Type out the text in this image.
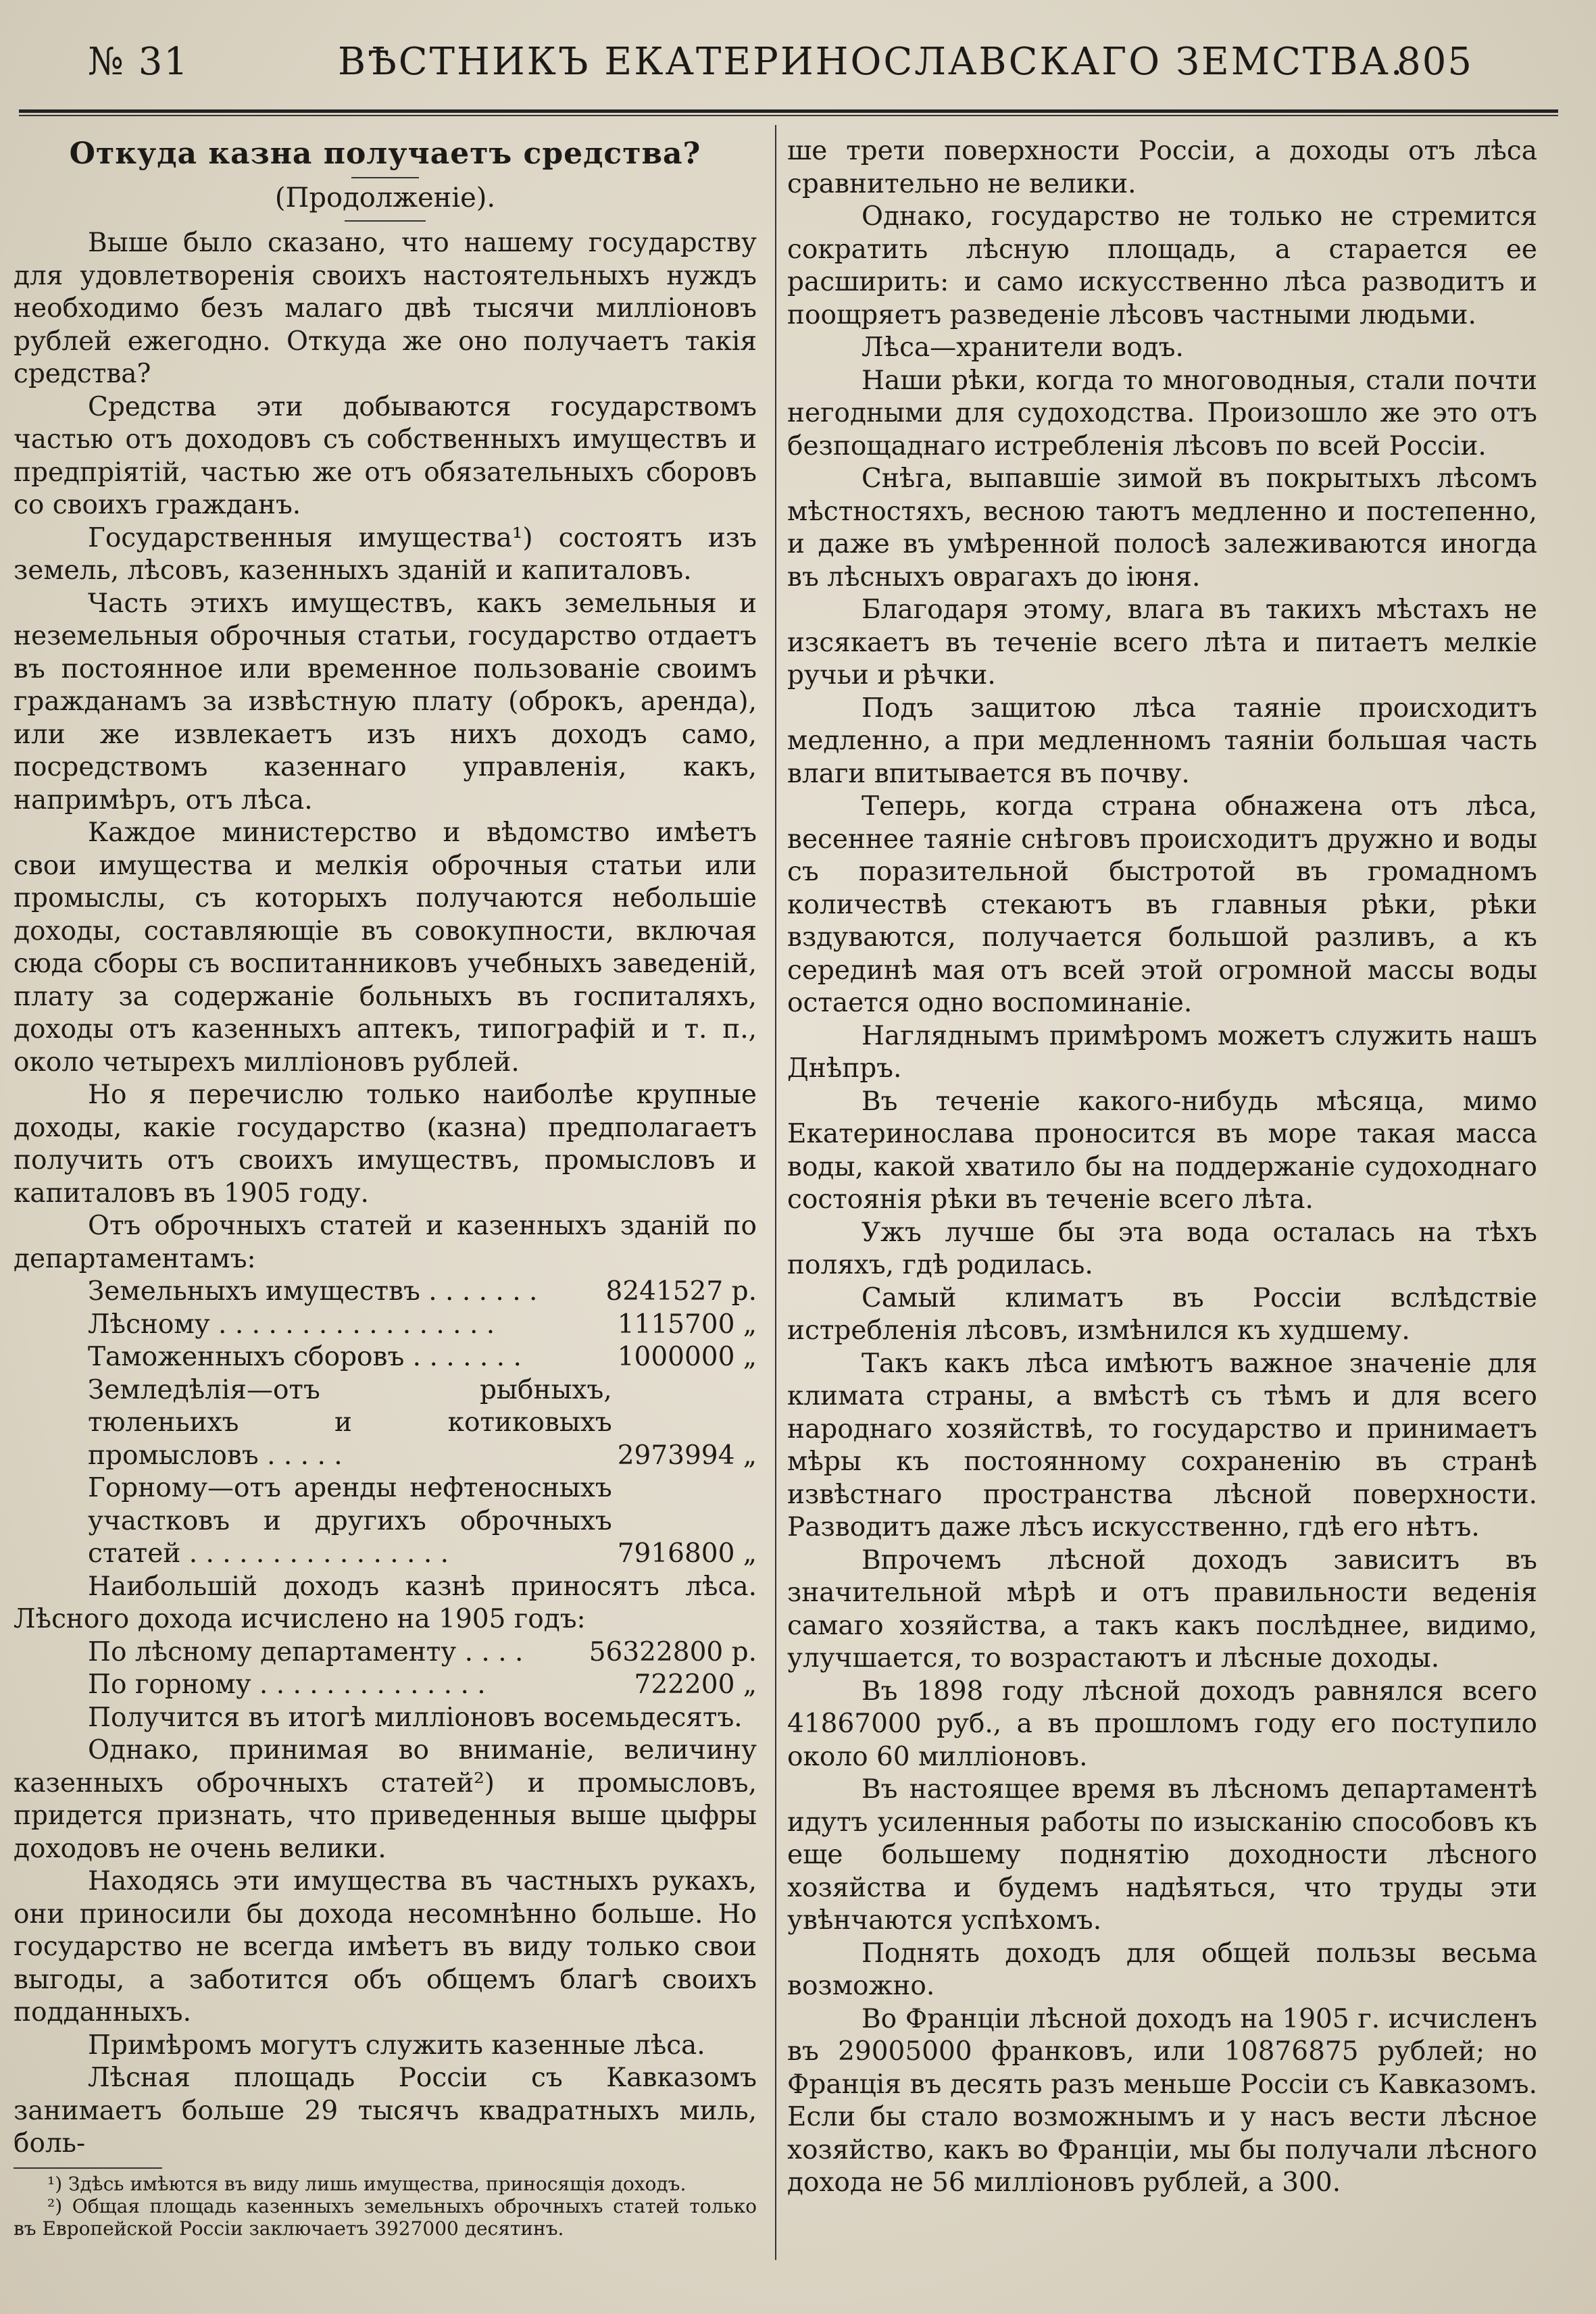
№ 31	ВѢСТНИКЪ ЕКАТЕРИНОСЛАВСКАГО ЗЕМСТВА.
805
Откуда казна получаетъ средства?
(Продолженіе).

Выше было сказано, что нашему государству для удовлетворенія своихъ настоятельныхъ нуждъ необходимо безъ малаго двѣ тысячи милліоновъ рублей ежегодно. Откуда же оно получаетъ такія средства?

Средства эти добываются государствомъ частью отъ доходовъ съ собственныхъ имуществъ и предпріятій, частью же отъ обязательныхъ сборовъ со своихъ гражданъ.

Государственныя имущества¹) состоятъ изъ земель, лѣсовъ, казенныхъ зданій и капиталовъ.

Часть этихъ имуществъ, какъ земельныя и неземельныя оброчныя статьи, государство отдаетъ въ постоянное или временное пользованіе своимъ гражданамъ за извѣстную плату (оброкъ, аренда), или же извлекаетъ изъ нихъ доходъ само, посредствомъ казеннаго управленія, какъ, напримѣръ, отъ лѣса.

Каждое министерство и вѣдомство имѣетъ свои имущества и мелкія оброчныя статьи или промыслы, съ которыхъ получаются небольшіе доходы, составляющіе въ совокупности, включая сюда сборы съ воспитанниковъ учебныхъ заведеній, плату за содержаніе больныхъ въ госпиталяхъ, доходы отъ казенныхъ аптекъ, типографій и т. п., около четырехъ милліоновъ рублей.

Но я перечислю только наиболѣе крупные доходы, какіе государство (казна) предполагаетъ получить отъ своихъ имуществъ, промысловъ и капиталовъ въ 1905 году.

Отъ оброчныхъ статей и казенныхъ зданій по департаментамъ:

Земельныхъ имуществъ . . . . . . .	8241527 р.
Лѣсному . . . . . . . . . . . . . . . . .	1115700 „
Таможенныхъ сборовъ . . . . . . .	1000000 „
Земледѣлія—отъ рыбныхъ, тюленьихъ и котиковыхъ промысловъ . . . . .	2973994 „
Горному—отъ аренды нефтеносныхъ участковъ и другихъ оброчныхъ статей . . . . . . . . . . . . . . . .	7916800 „

Наибольшій доходъ казнѣ приносятъ лѣса. Лѣсного дохода исчислено на 1905 годъ:

По лѣсному департаменту . . . .	56322800 р.
По горному . . . . . . . . . . . . . .	722200 „

Получится въ итогѣ милліоновъ восемьдесятъ.

Однако, принимая во вниманіе, величину казенныхъ оброчныхъ статей²) и промысловъ, придется признать, что приведенныя выше цыфры доходовъ не очень велики.

Находясь эти имущества въ частныхъ рукахъ, они приносили бы дохода несомнѣнно больше. Но государство не всегда имѣетъ въ виду только свои выгоды, а заботится объ общемъ благѣ своихъ подданныхъ.

Примѣромъ могутъ служить казенные лѣса.

Лѣсная площадь Россіи съ Кавказомъ занимаетъ больше 29 тысячъ квадратныхъ миль, боль-

¹) Здѣсь имѣются въ виду лишь имущества, приносящія доходъ.
²) Общая площадь казенныхъ земельныхъ оброчныхъ статей только въ Европейской Россіи заключаетъ 3927000 десятинъ.

ше трети поверхности Россіи, а доходы отъ лѣса сравнительно не велики.

Однако, государство не только не стремится сократить лѣсную площадь, а старается ее расширить: и само искусственно лѣса разводитъ и поощряетъ разведеніе лѣсовъ частными людьми.

Лѣса—хранители водъ.

Наши рѣки, когда то многоводныя, стали почти негодными для судоходства. Произошло же это отъ безпощаднаго истребленія лѣсовъ по всей Россіи.

Снѣга, выпавшіе зимой въ покрытыхъ лѣсомъ мѣстностяхъ, весною таютъ медленно и постепенно, и даже въ умѣренной полосѣ залеживаются иногда въ лѣсныхъ оврагахъ до іюня.

Благодаря этому, влага въ такихъ мѣстахъ не изсякаетъ въ теченіе всего лѣта и питаетъ мелкіе ручьи и рѣчки.

Подъ защитою лѣса таяніе происходитъ медленно, а при медленномъ таяніи большая часть влаги впитывается въ почву.

Теперь, когда страна обнажена отъ лѣса, весеннее таяніе снѣговъ происходитъ дружно и воды съ поразительной быстротой въ громадномъ количествѣ стекаютъ въ главныя рѣки, рѣки вздуваются, получается большой разливъ, а къ серединѣ мая отъ всей этой огромной массы воды остается одно воспоминаніе.

Нагляднымъ примѣромъ можетъ служить нашъ Днѣпръ.

Въ теченіе какого-нибудь мѣсяца, мимо Екатеринослава проносится въ море такая масса воды, какой хватило бы на поддержаніе судоходнаго состоянія рѣки въ теченіе всего лѣта.

Ужъ лучше бы эта вода осталась на тѣхъ поляхъ, гдѣ родилась.

Самый климатъ въ Россіи вслѣдствіе истребленія лѣсовъ, измѣнился къ худшему.

Такъ какъ лѣса имѣютъ важное значеніе для климата страны, а вмѣстѣ съ тѣмъ и для всего народнаго хозяйствѣ, то государство и принимаетъ мѣры къ постоянному сохраненію въ странѣ извѣстнаго пространства лѣсной поверхности. Разводитъ даже лѣсъ искусственно, гдѣ его нѣтъ.

Впрочемъ лѣсной доходъ зависитъ въ значительной мѣрѣ и отъ правильности веденія самаго хозяйства, а такъ какъ послѣднее, видимо, улучшается, то возрастаютъ и лѣсные доходы.

Въ 1898 году лѣсной доходъ равнялся всего 41867000 руб., а въ прошломъ году его поступило около 60 милліоновъ.

Въ настоящее время въ лѣсномъ департаментѣ идутъ усиленныя работы по изысканію способовъ къ еще большему поднятію доходности лѣсного хозяйства и будемъ надѣяться, что труды эти увѣнчаются успѣхомъ.

Поднять доходъ для общей пользы весьма возможно.

Во Франціи лѣсной доходъ на 1905 г. исчисленъ въ 29005000 франковъ, или 10876875 рублей; но Франція въ десять разъ меньше Россіи съ Кавказомъ. Если бы стало возможнымъ и у насъ вести лѣсное хозяйство, какъ во Франціи, мы бы получали лѣсного дохода не 56 милліоновъ рублей, а 300.
